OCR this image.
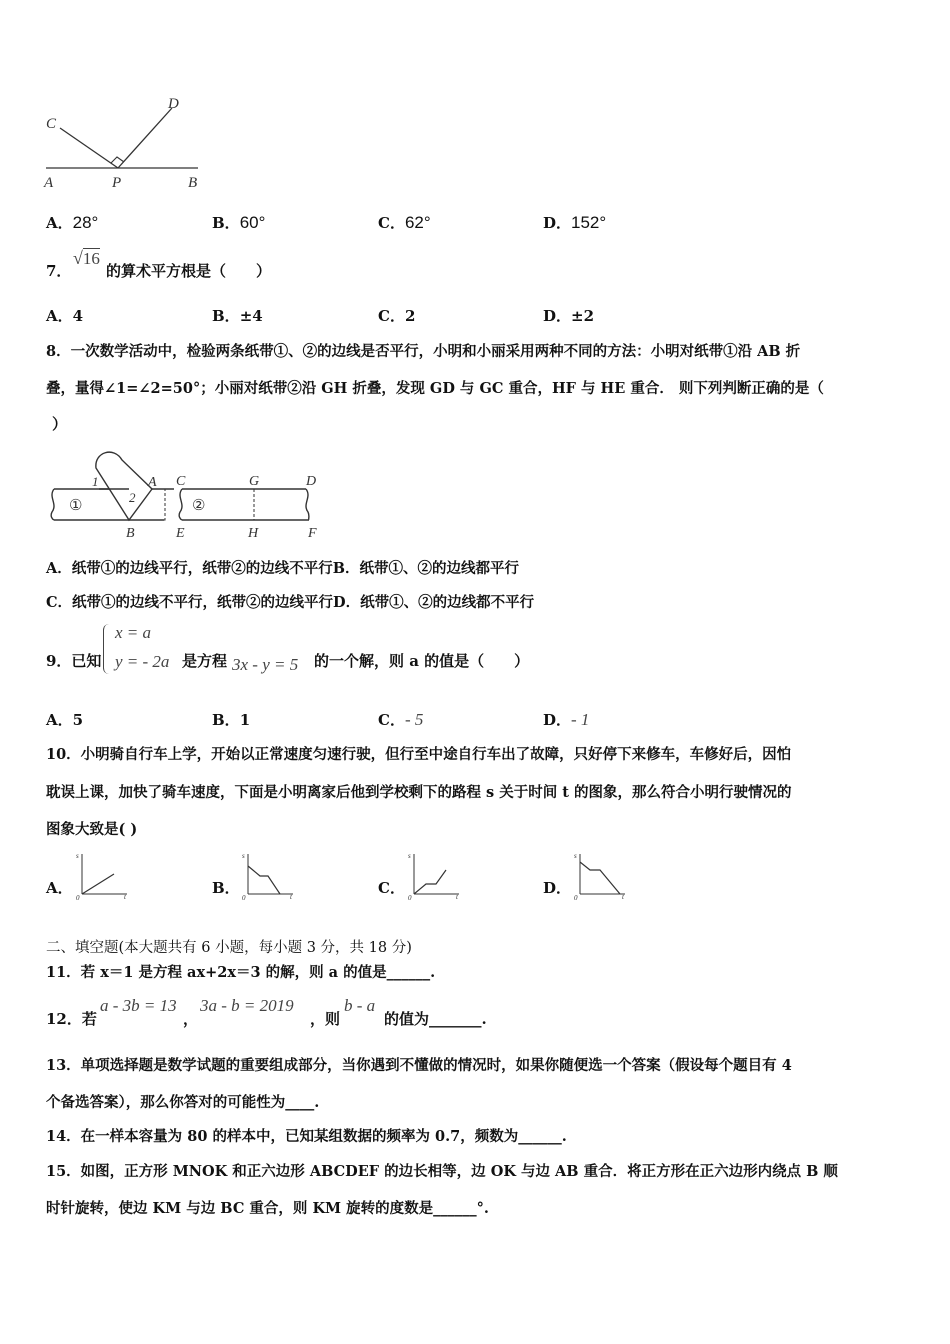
C
D
A	P	B
A．28°	B．60°	C．62°	D．152°
7．
√16
的算术平方根是（　　）
A．4	B．±4	C．2	D．±2
8．一次数学活动中，检验两条纸带①、②的边线是否平行，小明和小丽采用两种不同的方法：小明对纸带①沿 AB 折
叠，量得∠1=∠2=50°；小丽对纸带②沿 GH 折叠，发现 GD 与 GC 重合，HF 与 HE 重合． 则下列判断正确的是（
）
1
2
A
B
①
C	G	D
②
E	H	F
A．纸带①的边线平行，纸带②的边线不平行B．纸带①、②的边线都平行
C．纸带①的边线不平行，纸带②的边线平行D．纸带①、②的边线都不平行
9．已知
x = a
y = - 2a 是方程 3x - y = 5 的一个解，则 a 的值是（　　）
A．5	B．1	C．- 5	D．- 1
10．小明骑自行车上学，开始以正常速度匀速行驶，但行至中途自行车出了故障，只好停下来修车，车修好后，因怕
耽误上课，加快了骑车速度，下面是小明离家后他到学校剩下的路程 s 关于时间 t 的图象，那么符合小明行驶情况的
图象大致是( )
A．
s
t
0
B．
s
t
0
C．
s
t
0
D．
s
t
0
二、填空题(本大题共有 6 小题，每小题 3 分，共 18 分)
11．若 x＝1 是方程 ax+2x＝3 的解，则 a 的值是______.
12．若
a - 3b = 13
，
3a - b = 2019
，则
b - a
的值为_______.
13．单项选择题是数学试题的重要组成部分，当你遇到不懂做的情况时，如果你随便选一个答案（假设每个题目有 4
个备选答案），那么你答对的可能性为____.
14．在一样本容量为 80 的样本中，已知某组数据的频率为 0.7，频数为______.
15．如图，正方形 MNOK 和正六边形 ABCDEF 的边长相等，边 OK 与边 AB 重合．将正方形在正六边形内绕点 B 顺
时针旋转，使边 KM 与边 BC 重合，则 KM 旋转的度数是______°.
